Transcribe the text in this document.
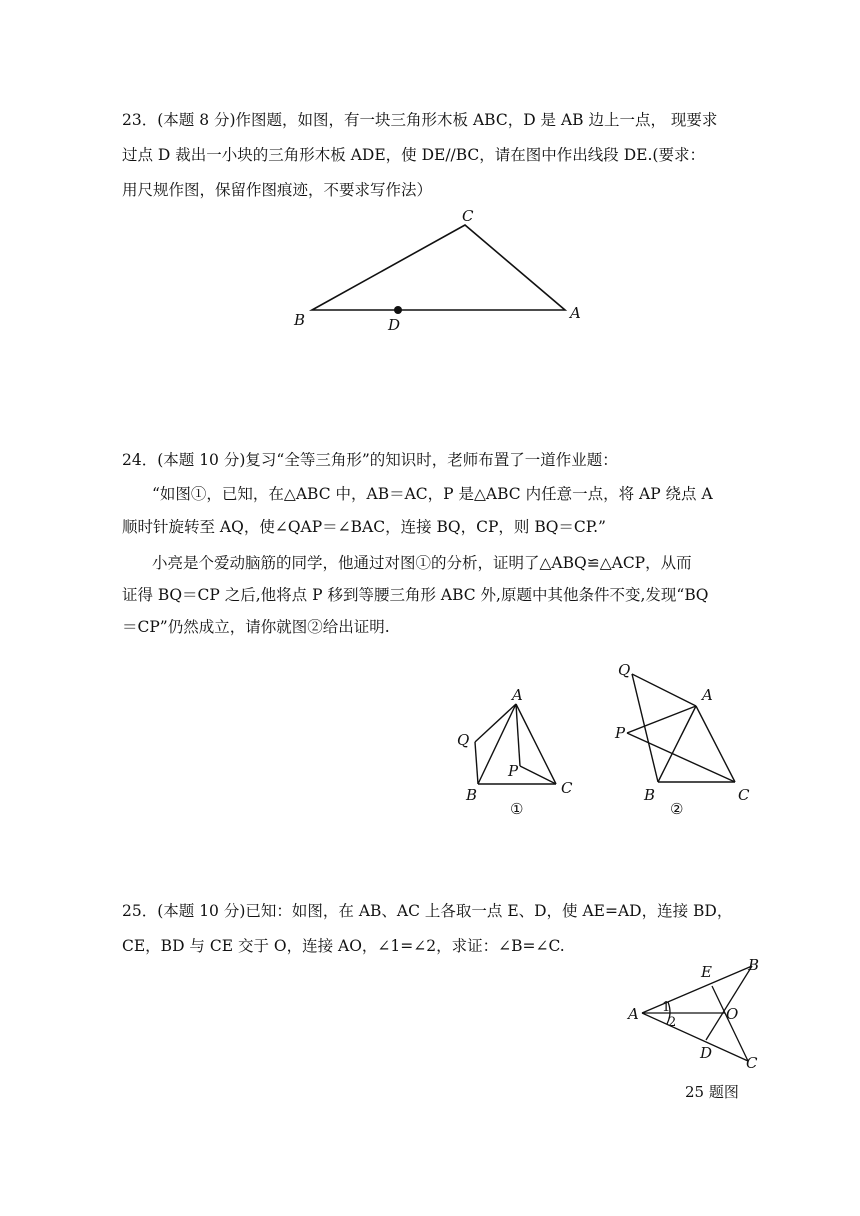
23．(本题 8 分)作图题，如图，有一块三角形木板 ABC，D 是 AB 边上一点， 现要求
过点 D 裁出一小块的三角形木板 ADE，使 DE//BC，请在图中作出线段 DE.(要求：
用尺规作图，保留作图痕迹，不要求写作法）
C
B	D
A
24．(本题 10 分)复习“全等三角形”的知识时，老师布置了一道作业题：
“如图①，已知，在△ABC 中，AB＝AC，P 是△ABC 内任意一点，将 AP 绕点 A
顺时针旋转至 AQ，使∠QAP＝∠BAC，连接 BQ，CP，则 BQ＝CP.”
小亮是个爱动脑筋的同学，他通过对图①的分析，证明了△ABQ≌△ACP，从而
证得 BQ＝CP 之后,他将点 P 移到等腰三角形 ABC 外,原题中其他条件不变,发现“BQ
＝CP”仍然成立，请你就图②给出证明.
A
Q
P
B	C
①
Q
A
P
B	C
②
25．(本题 10 分)已知：如图，在 AB、AC 上各取一点 E、D，使 AE=AD，连接 BD，
CE，BD 与 CE 交于 O，连接 AO，∠1=∠2，求证：∠B=∠C.
E B
A	O
1
2
D
C
25 题图
